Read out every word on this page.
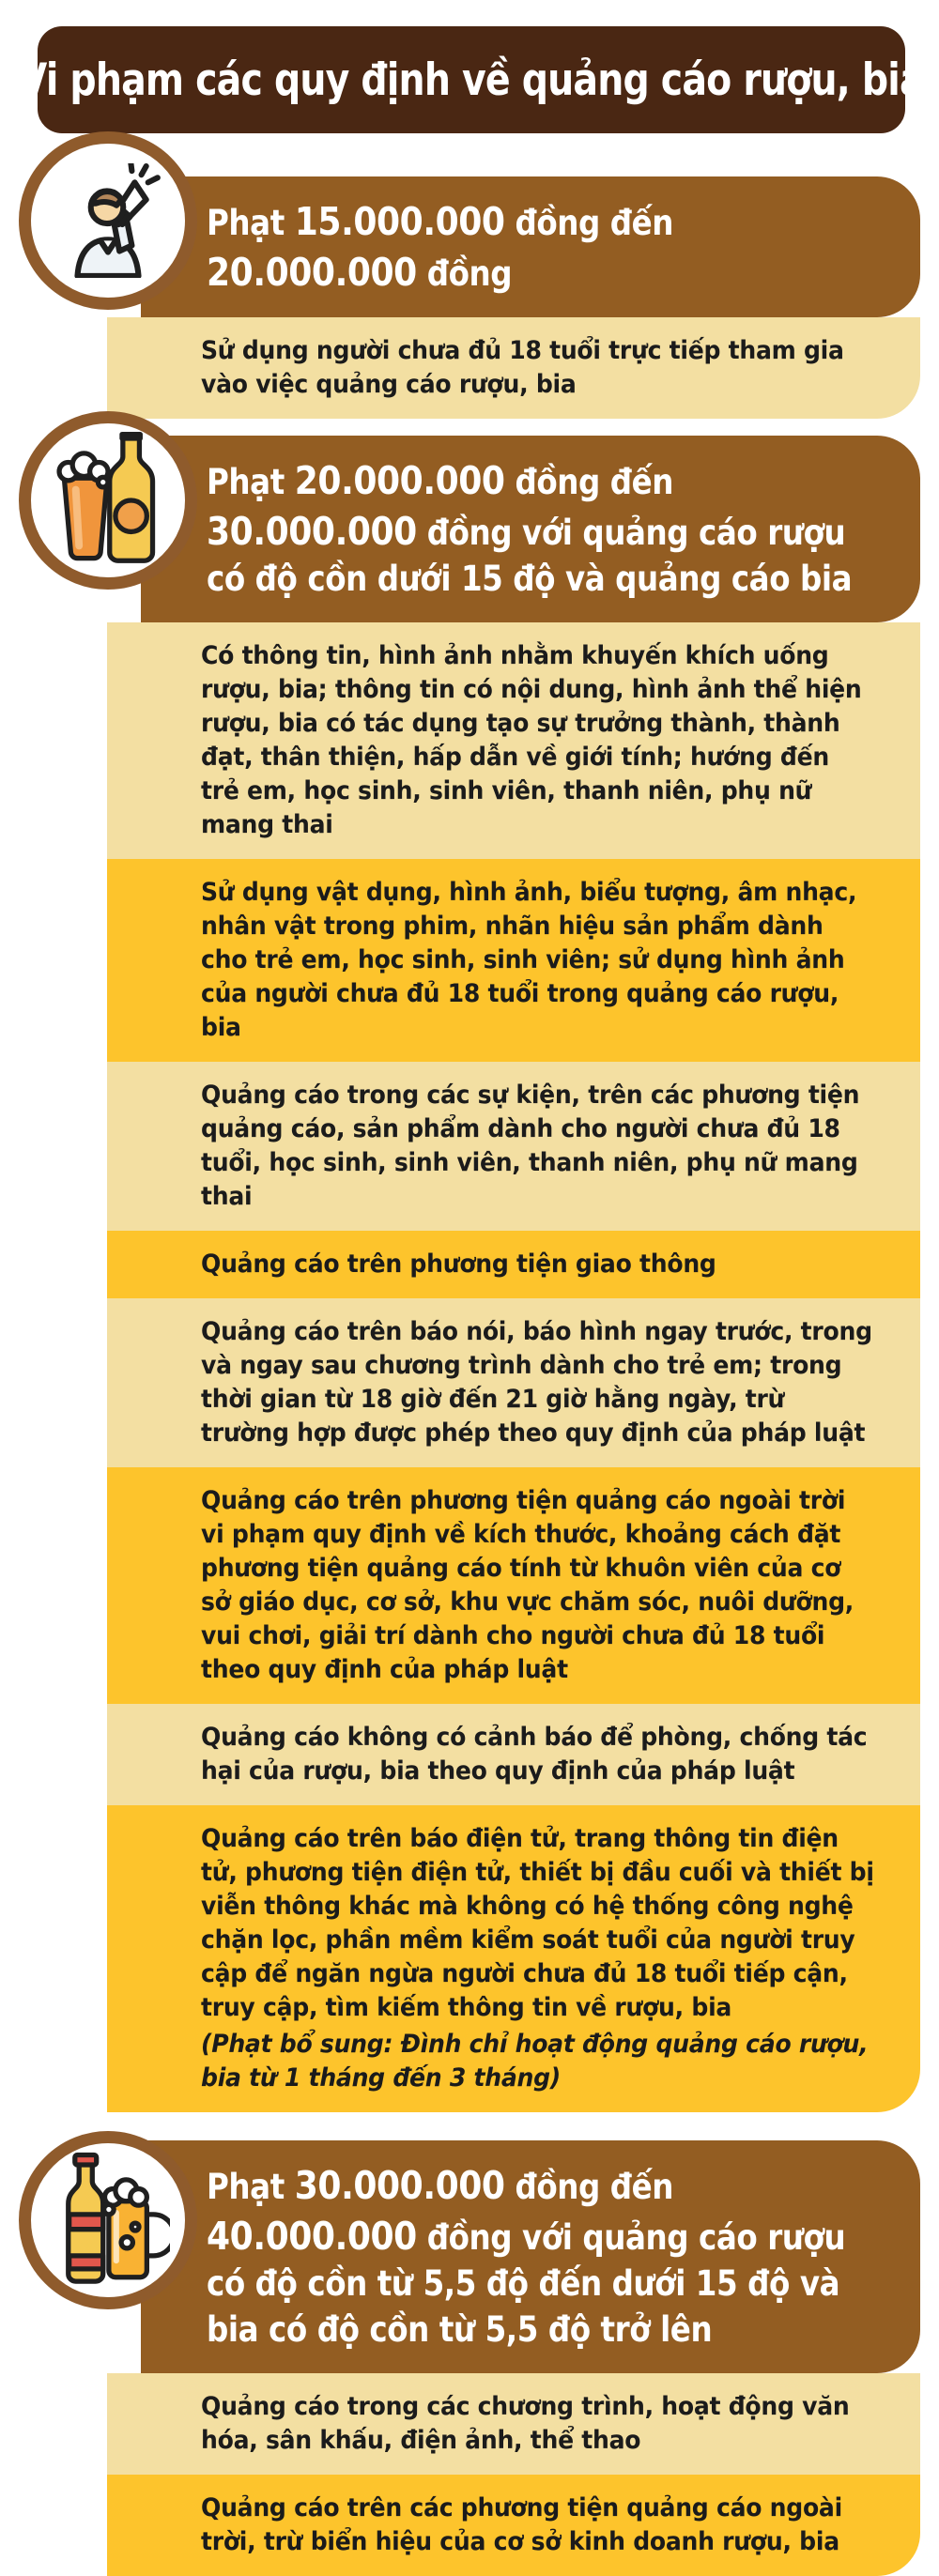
Vi phạm các quy định về quảng cáo rượu, bia
Phạt 15.000.000 đồng đến 20.000.000 đồng

Sử dụng người chưa đủ 18 tuổi trực tiếp tham gia vào việc quảng cáo rượu, bia

Phạt 20.000.000 đồng đến 30.000.000 đồng với quảng cáo rượu có độ cồn dưới 15 độ và quảng cáo bia

Có thông tin, hình ảnh nhằm khuyến khích uống rượu, bia; thông tin có nội dung, hình ảnh thể hiện rượu, bia có tác dụng tạo sự trưởng thành, thành đạt, thân thiện, hấp dẫn về giới tính; hướng đến trẻ em, học sinh, sinh viên, thanh niên, phụ nữ mang thai

Sử dụng vật dụng, hình ảnh, biểu tượng, âm nhạc, nhân vật trong phim, nhãn hiệu sản phẩm dành cho trẻ em, học sinh, sinh viên; sử dụng hình ảnh của người chưa đủ 18 tuổi trong quảng cáo rượu, bia

Quảng cáo trong các sự kiện, trên các phương tiện quảng cáo, sản phẩm dành cho người chưa đủ 18 tuổi, học sinh, sinh viên, thanh niên, phụ nữ mang thai

Quảng cáo trên phương tiện giao thông

Quảng cáo trên báo nói, báo hình ngay trước, trong và ngay sau chương trình dành cho trẻ em; trong thời gian từ 18 giờ đến 21 giờ hằng ngày, trừ trường hợp được phép theo quy định của pháp luật

Quảng cáo trên phương tiện quảng cáo ngoài trời vi phạm quy định về kích thước, khoảng cách đặt phương tiện quảng cáo tính từ khuôn viên của cơ sở giáo dục, cơ sở, khu vực chăm sóc, nuôi dưỡng, vui chơi, giải trí dành cho người chưa đủ 18 tuổi theo quy định của pháp luật

Quảng cáo không có cảnh báo để phòng, chống tác hại của rượu, bia theo quy định của pháp luật

Quảng cáo trên báo điện tử, trang thông tin điện tử, phương tiện điện tử, thiết bị đầu cuối và thiết bị viễn thông khác mà không có hệ thống công nghệ chặn lọc, phần mềm kiểm soát tuổi của người truy cập để ngăn ngừa người chưa đủ 18 tuổi tiếp cận, truy cập, tìm kiếm thông tin về rượu, bia

(Phạt bổ sung: Đình chỉ hoạt động quảng cáo rượu, bia từ 1 tháng đến 3 tháng)

Phạt 30.000.000 đồng đến 40.000.000 đồng với quảng cáo rượu có độ cồn từ 5,5 độ đến dưới 15 độ và bia có độ cồn từ 5,5 độ trở lên

Quảng cáo trong các chương trình, hoạt động văn hóa, sân khấu, điện ảnh, thể thao

Quảng cáo trên các phương tiện quảng cáo ngoài trời, trừ biển hiệu của cơ sở kinh doanh rượu, bia
